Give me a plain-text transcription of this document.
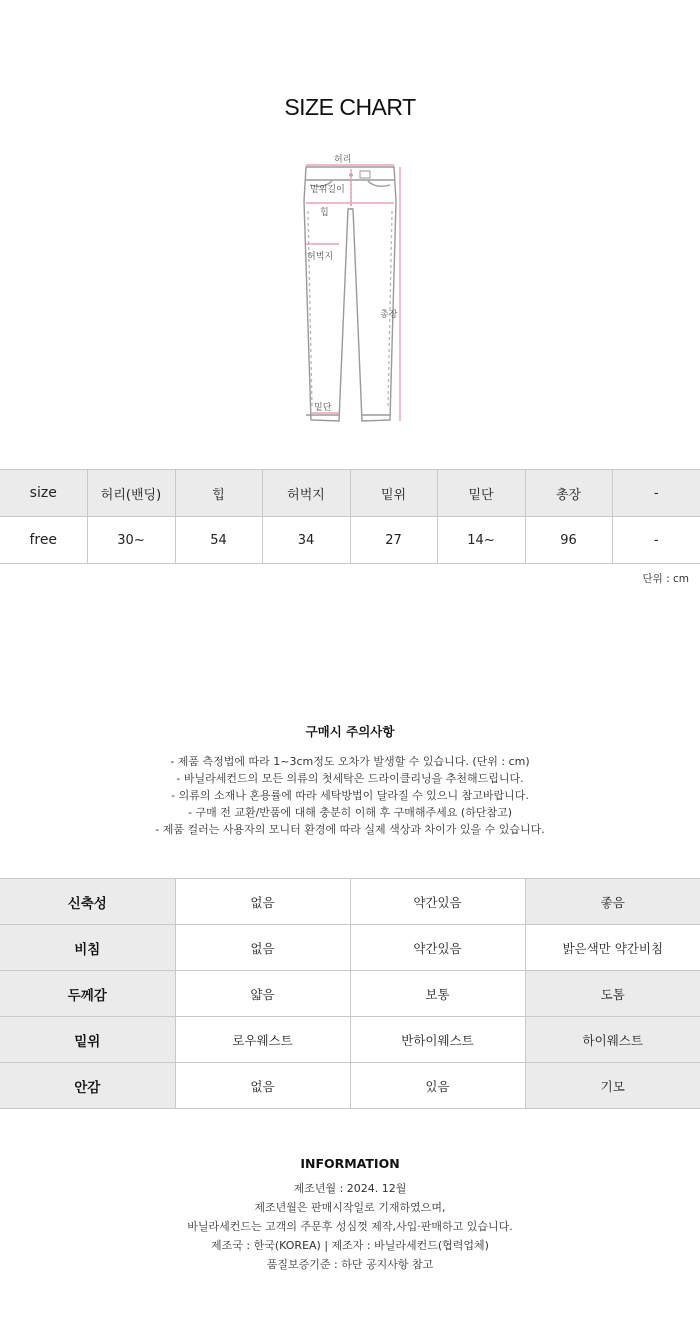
SIZE CHART
허리
밑위길이
힙
허벅지
총장
밑단
size	허리(밴딩)	힙	허벅지	밑위	밑단	총장	-
free	30~	54	34	27	14~	96	-
단위 : cm
구매시 주의사항
- 제품 측정법에 따라 1~3cm정도 오차가 발생할 수 있습니다. (단위 : cm)
- 바닐라세컨드의 모든 의류의 첫세탁은 드라이클리닝을 추천해드립니다.
- 의류의 소재나 혼용률에 따라 세탁방법이 달라질 수 있으니 참고바랍니다.
- 구매 전 교환/반품에 대해 충분히 이해 후 구매해주세요 (하단참고)
- 제품 컬러는 사용자의 모니터 환경에 따라 실제 색상과 차이가 있을 수 있습니다.
신축성	없음	약간있음	좋음
비침	없음	약간있음	밝은색만 약간비침
두께감	얇음	보통	도톰
밑위	로우웨스트	반하이웨스트	하이웨스트
안감	없음	있음	기모
INFORMATION

제조년월 : 2024. 12월

제조년월은 판매시작일로 기재하였으며,

바닐라세컨드는 고객의 주문후 성심껏 제작,사입·판매하고 있습니다.

제조국 : 한국(KOREA) | 제조자 : 바닐라세컨드(협력업체)

품질보증기준 : 하단 공지사항 참고
